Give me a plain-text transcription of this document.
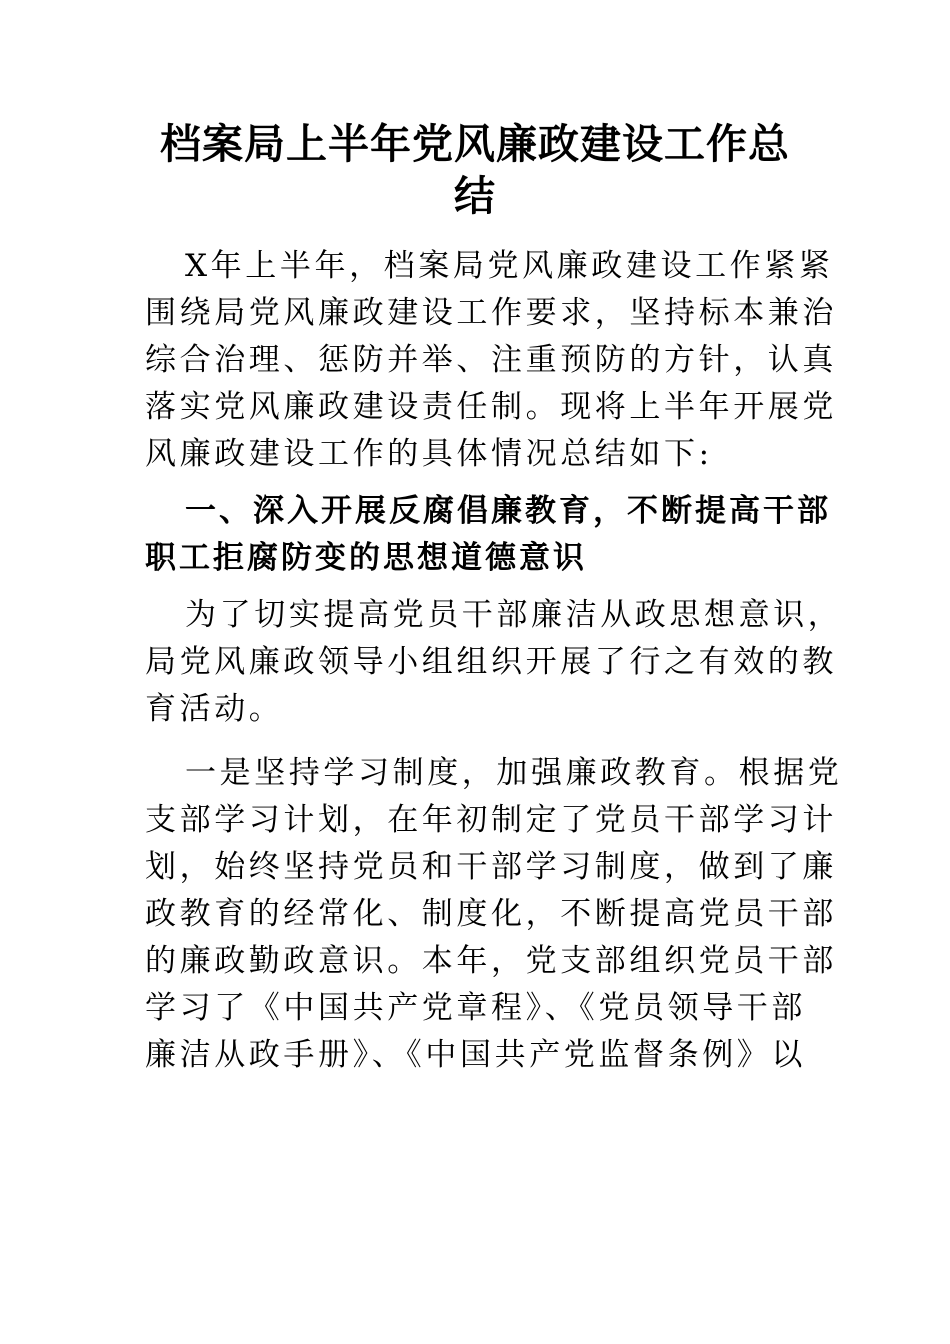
档案局上半年党风廉政建设工作总
结

X年上半年，档案局党风廉政建设工作紧紧
围绕局党风廉政建设工作要求，坚持标本兼治
综合治理、惩防并举、注重预防的方针，认真
落实党风廉政建设责任制。现将上半年开展党
风廉政建设工作的具体情况总结如下:

一、深入开展反腐倡廉教育，不断提高干部
职工拒腐防变的思想道德意识

为了切实提高党员干部廉洁从政思想意识，
局党风廉政领导小组组织开展了行之有效的教
育活动。

一是坚持学习制度，加强廉政教育。根据党
支部学习计划，在年初制定了党员干部学习计
划，始终坚持党员和干部学习制度，做到了廉
政教育的经常化、制度化，不断提高党员干部
的廉政勤政意识。本年，党支部组织党员干部
学习了《中国共产党章程》、《党员领导干部
廉洁从政手册》、《中国共产党监督条例》以
